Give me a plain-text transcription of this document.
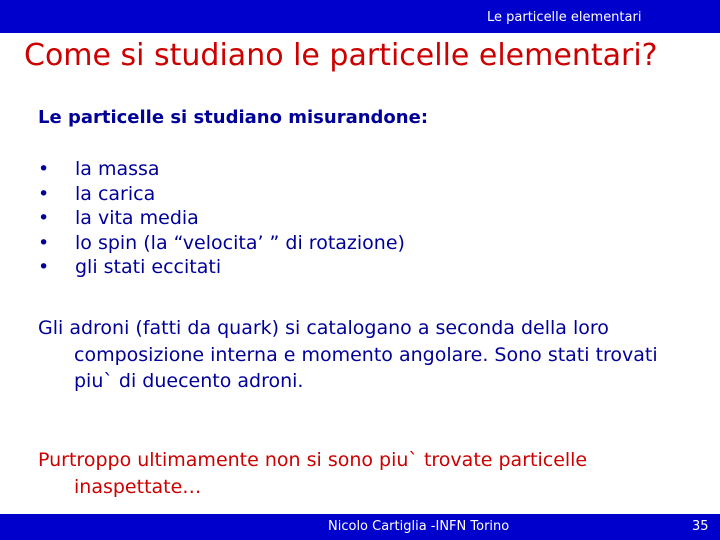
Le particelle elementari
Come si studiano le particelle elementari?
Le particelle si studiano misurandone:
• la massa
• la carica
• la vita media
• lo spin (la “velocita’ ” di rotazione)
• gli stati eccitati
Gli adroni (fatti da quark) si catalogano a seconda della loro composizione interna e momento angolare. Sono stati trovati piu` di duecento adroni.
Purtroppo ultimamente non si sono piu` trovate particelle inaspettate…
Nicolo Cartiglia -INFN Torino	35
